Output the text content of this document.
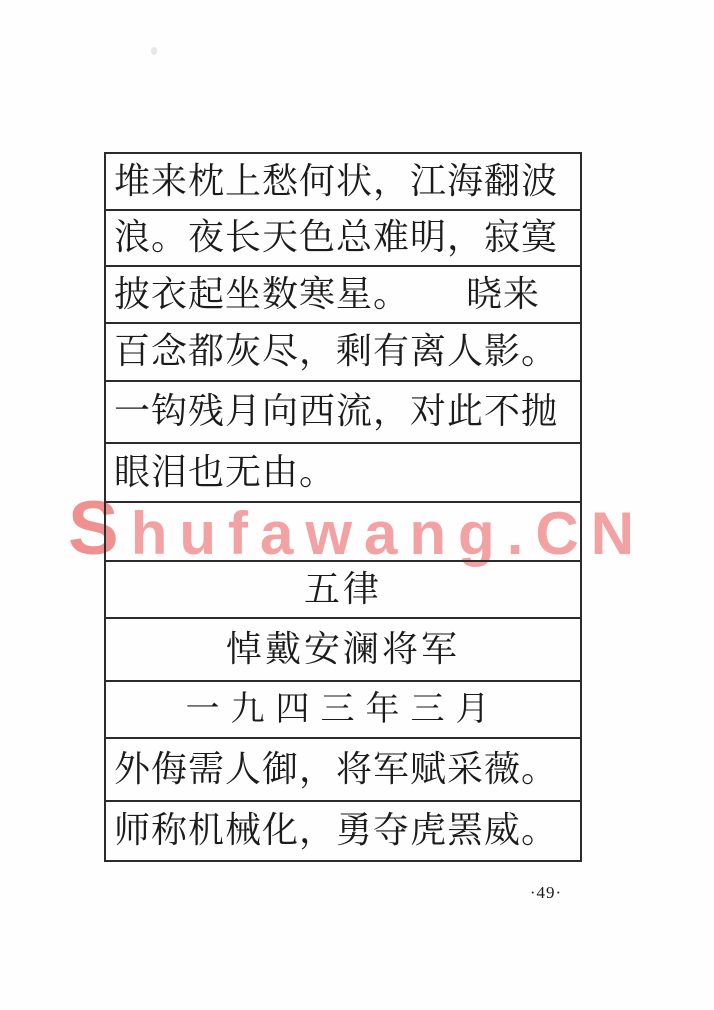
Shufawang.CN
堆来枕上愁何状，江海翻波
浪。夜长天色总难明，寂寞
披衣起坐数寒星。　　晓来
百念都灰尽，剩有离人影。
一钩残月向西流，对此不抛
眼泪也无由。
五律
悼戴安澜将军
一九四三年三月
外侮需人御，将军赋采薇。
师称机械化，勇夺虎罴威。
·49·
